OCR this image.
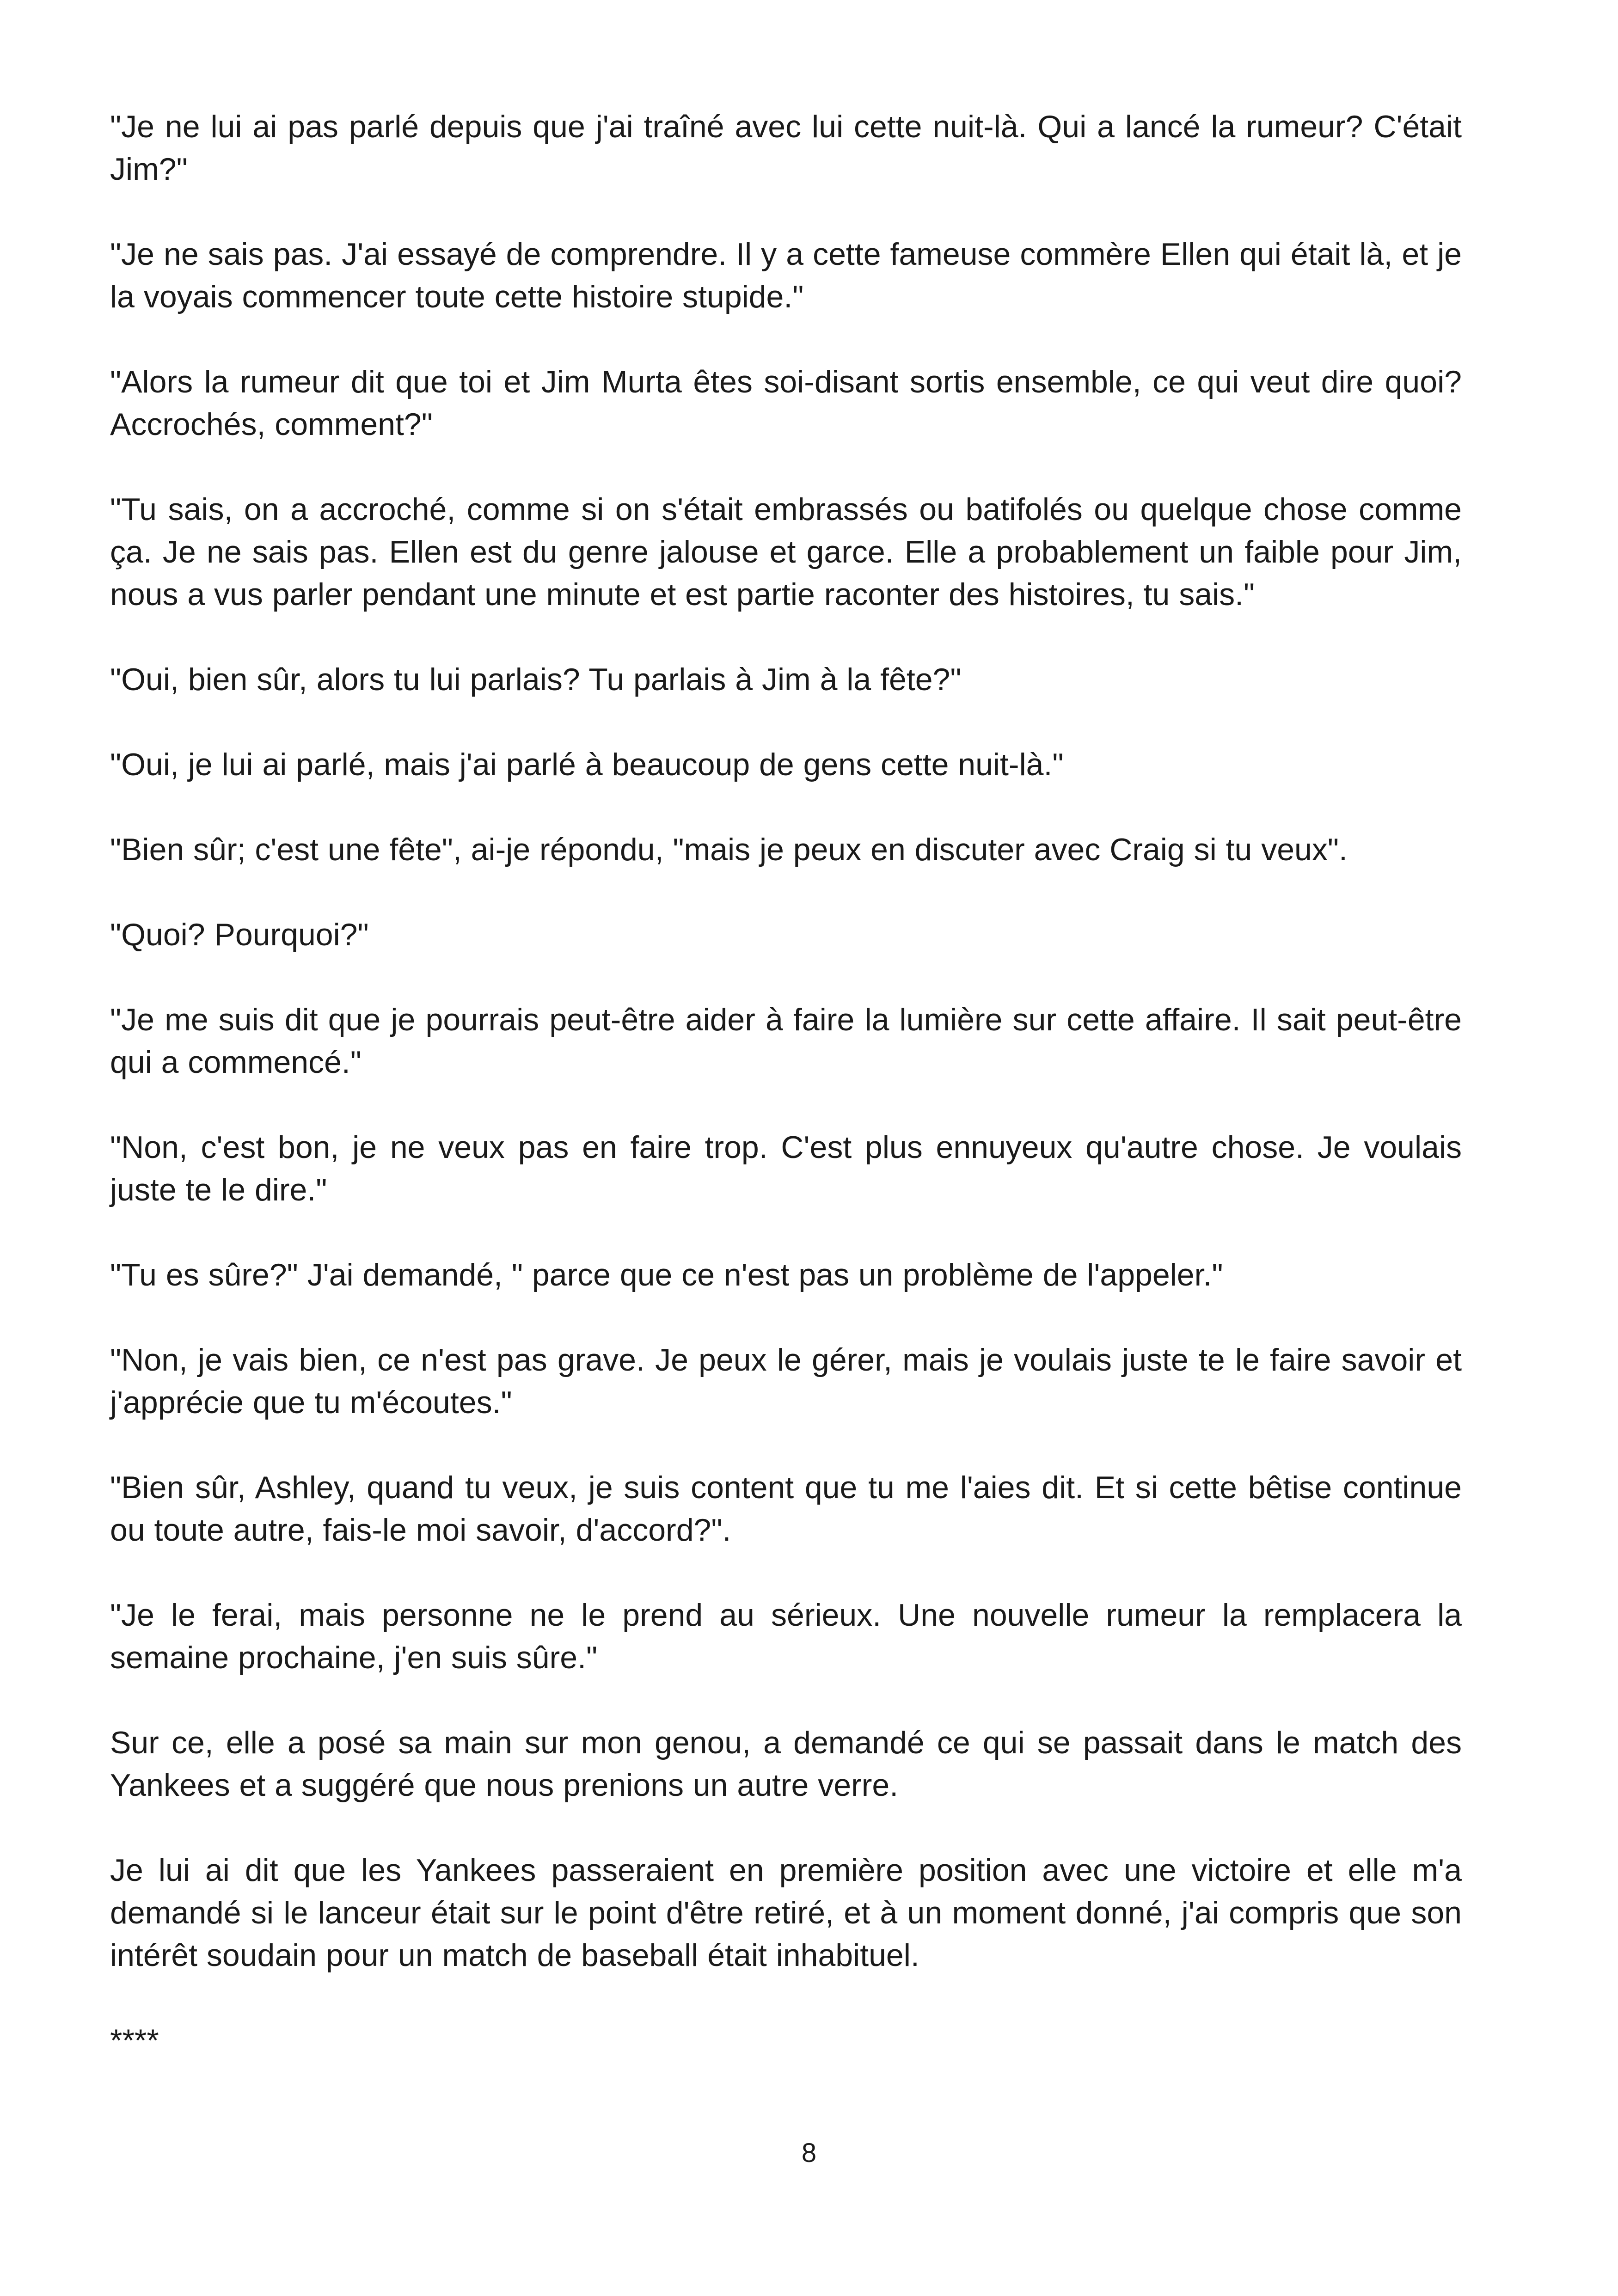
"Je ne lui ai pas parlé depuis que j'ai traîné avec lui cette nuit-là. Qui a lancé la rumeur? C'était Jim?"

"Je ne sais pas. J'ai essayé de comprendre. Il y a cette fameuse commère Ellen qui était là, et je la voyais commencer toute cette histoire stupide."

"Alors la rumeur dit que toi et Jim Murta êtes soi-disant sortis ensemble, ce qui veut dire quoi? Accrochés, comment?"

"Tu sais, on a accroché, comme si on s'était embrassés ou batifolés ou quelque chose comme ça. Je ne sais pas. Ellen est du genre jalouse et garce. Elle a probablement un faible pour Jim, nous a vus parler pendant une minute et est partie raconter des histoires, tu sais."

"Oui, bien sûr, alors tu lui parlais? Tu parlais à Jim à la fête?"

"Oui, je lui ai parlé, mais j'ai parlé à beaucoup de gens cette nuit-là."

"Bien sûr; c'est une fête", ai-je répondu, "mais je peux en discuter avec Craig si tu veux".

"Quoi? Pourquoi?"

"Je me suis dit que je pourrais peut-être aider à faire la lumière sur cette affaire. Il sait peut-être qui a commencé."

"Non, c'est bon, je ne veux pas en faire trop. C'est plus ennuyeux qu'autre chose. Je voulais juste te le dire."

"Tu es sûre?" J'ai demandé, " parce que ce n'est pas un problème de l'appeler."

"Non, je vais bien, ce n'est pas grave. Je peux le gérer, mais je voulais juste te le faire savoir et j'apprécie que tu m'écoutes."

"Bien sûr, Ashley, quand tu veux, je suis content que tu me l'aies dit. Et si cette bêtise continue ou toute autre, fais-le moi savoir, d'accord?".

"Je le ferai, mais personne ne le prend au sérieux. Une nouvelle rumeur la remplacera la semaine prochaine, j'en suis sûre."

Sur ce, elle a posé sa main sur mon genou, a demandé ce qui se passait dans le match des Yankees et a suggéré que nous prenions un autre verre.

Je lui ai dit que les Yankees passeraient en première position avec une victoire et elle m'a demandé si le lanceur était sur le point d'être retiré, et à un moment donné, j'ai compris que son intérêt soudain pour un match de baseball était inhabituel.

****

8
